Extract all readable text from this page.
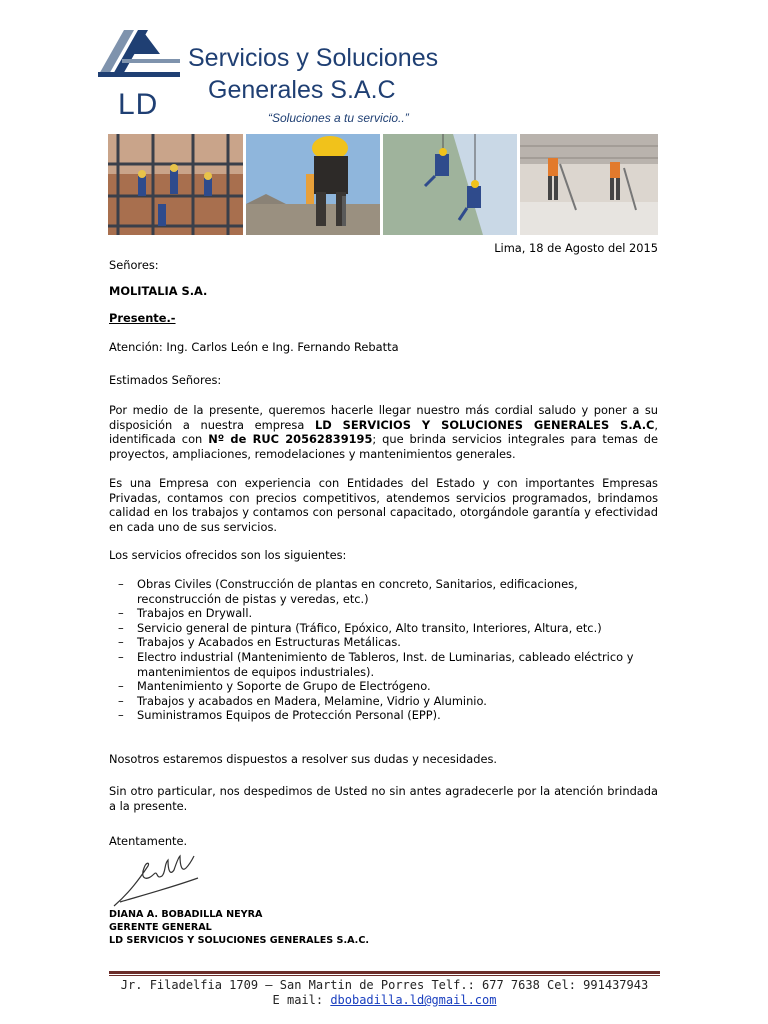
LD
Servicios y Soluciones
Generales S.A.C
“Soluciones a tu servicio..”
Lima, 18 de Agosto del 2015
Señores:
MOLITALIA S.A.
Presente.-
Atención: Ing. Carlos León e Ing. Fernando Rebatta
Estimados Señores:
Por medio de la presente, queremos hacerle llegar nuestro más cordial saludo y poner a su disposición a nuestra empresa LD SERVICIOS Y SOLUCIONES GENERALES S.A.C, identificada con Nº de RUC 20562839195; que brinda servicios integrales para temas de proyectos, ampliaciones, remodelaciones y mantenimientos generales.
Es una Empresa con experiencia con Entidades del Estado y con importantes Empresas Privadas, contamos con precios competitivos, atendemos servicios programados, brindamos calidad en los trabajos y contamos con personal capacitado, otorgándole garantía y efectividad en cada uno de sus servicios.
Los servicios ofrecidos son los siguientes:
– Obras Civiles (Construcción de plantas en concreto, Sanitarios, edificaciones, reconstrucción de pistas y veredas, etc.)
– Trabajos en Drywall.
– Servicio general de pintura (Tráfico, Epóxico, Alto transito, Interiores, Altura, etc.)
– Trabajos y Acabados en Estructuras Metálicas.
– Electro industrial (Mantenimiento de Tableros, Inst. de Luminarias, cableado eléctrico y mantenimientos de equipos industriales).
– Mantenimiento y Soporte de Grupo de Electrógeno.
– Trabajos y acabados en Madera, Melamine, Vidrio y Aluminio.
– Suministramos Equipos de Protección Personal (EPP).
Nosotros estaremos dispuestos a resolver sus dudas y necesidades.
Sin otro particular, nos despedimos de Usted no sin antes agradecerle por la atención brindada a la presente.
Atentamente.
DIANA A. BOBADILLA NEYRA
GERENTE GENERAL
LD SERVICIOS Y SOLUCIONES GENERALES S.A.C.
Jr. Filadelfia 1709 – San Martin de Porres Telf.: 677 7638 Cel: 991437943
E mail: dbobadilla.ld@gmail.com
